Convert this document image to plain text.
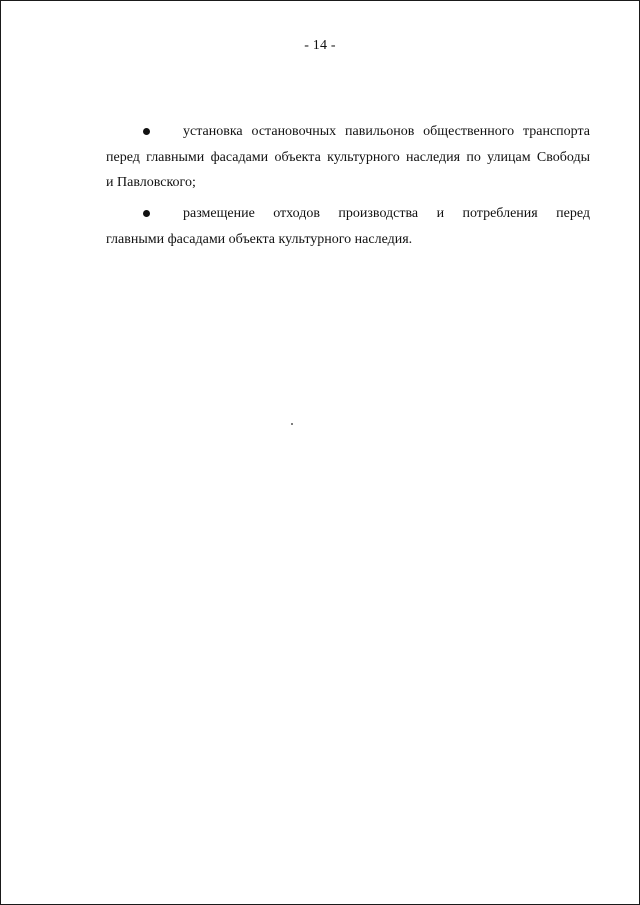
- 14 -
установка остановочных павильонов общественного транспорта
перед главными фасадами объекта культурного наследия по улицам Свободы
и Павловского;
размещение отходов производства и потребления перед
главными фасадами объекта культурного наследия.
